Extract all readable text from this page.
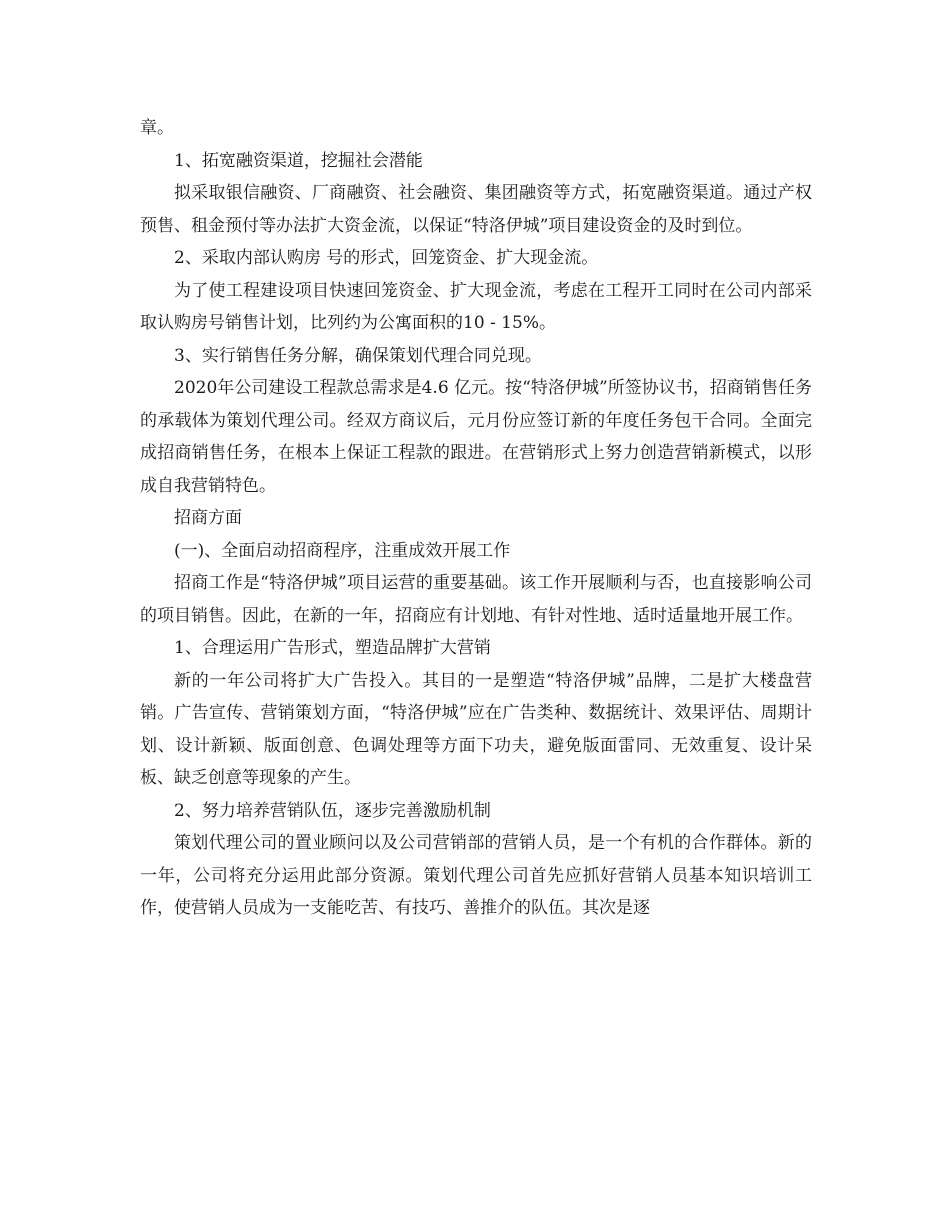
章。

1、拓宽融资渠道，挖掘社会潜能

拟采取银信融资、厂商融资、社会融资、集团融资等方式，拓宽融资渠道。通过产权预售、租金预付等办法扩大资金流，以保证“特洛伊城”项目建设资金的及时到位。

2、采取内部认购房 号的形式，回笼资金、扩大现金流。

为了使工程建设项目快速回笼资金、扩大现金流，考虑在工程开工同时在公司内部采取认购房号销售计划，比列约为公寓面积的10 - 15%。

3、实行销售任务分解，确保策划代理合同兑现。

2020年公司建设工程款总需求是4.6 亿元。按“特洛伊城”所签协议书，招商销售任务的承载体为策划代理公司。经双方商议后，元月份应签订新的年度任务包干合同。全面完成招商销售任务，在根本上保证工程款的跟进。在营销形式上努力创造营销新模式，以形成自我营销特色。

招商方面

(一)、全面启动招商程序，注重成效开展工作

招商工作是“特洛伊城”项目运营的重要基础。该工作开展顺利与否，也直接影响公司的项目销售。因此，在新的一年，招商应有计划地、有针对性地、适时适量地开展工作。

1、合理运用广告形式，塑造品牌扩大营销

新的一年公司将扩大广告投入。其目的一是塑造“特洛伊城”品牌，二是扩大楼盘营销。广告宣传、营销策划方面，“特洛伊城”应在广告类种、数据统计、效果评估、周期计划、设计新颖、版面创意、色调处理等方面下功夫，避免版面雷同、无效重复、设计呆板、缺乏创意等现象的产生。

2、努力培养营销队伍，逐步完善激励机制

策划代理公司的置业顾问以及公司营销部的营销人员，是一个有机的合作群体。新的一年，公司将充分运用此部分资源。策划代理公司首先应抓好营销人员基本知识培训工作，使营销人员成为一支能吃苦、有技巧、善推介的队伍。其次是逐
